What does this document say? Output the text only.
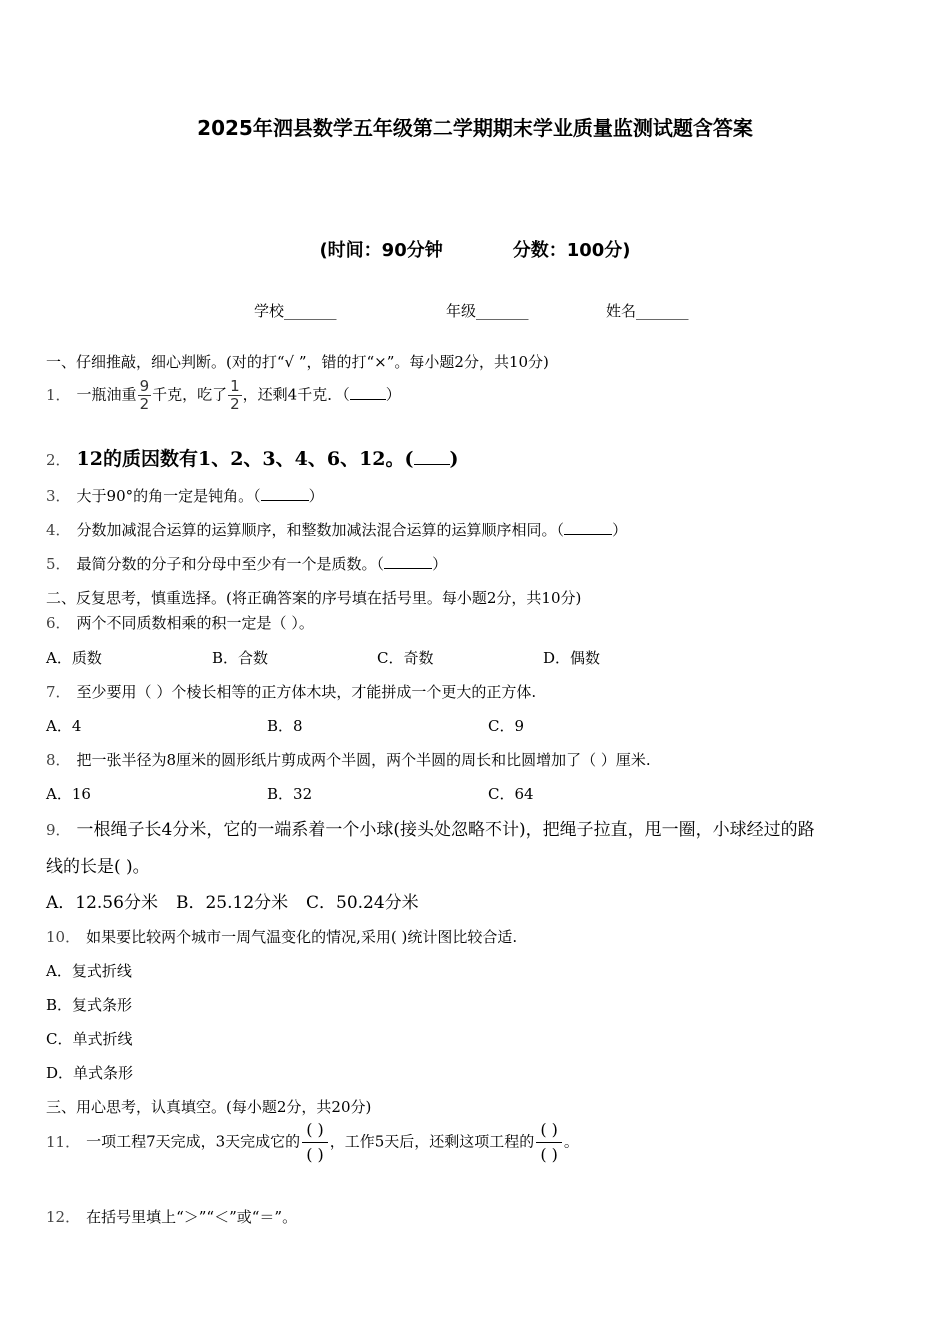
2025年泗县数学五年级第二学期期末学业质量监测试题含答案
(时间：90分钟	分数：100分)
学校_______	年级_______	姓名_______
一、仔细推敲，细心判断。(对的打“√ ”，错的打“×”。每小题2分，共10分)
1． 一瓶油重 $\frac{9}{2}$ 千克，吃了 $\frac{1}{2}$ ，还剩4千克．（ ）
2． 12的质因数有1、2、3、4、6、12。( )
3． 大于90°的角一定是钝角。（	）
4． 分数加减混合运算的运算顺序，和整数加减法混合运算的运算顺序相同。（	）
5． 最简分数的分子和分母中至少有一个是质数。（	）
二、反复思考，慎重选择。(将正确答案的序号填在括号里。每小题2分，共10分)
6． 两个不同质数相乘的积一定是（ ）。
A．质数	B．合数	C．奇数	D．偶数
7． 至少要用（ ）个棱长相等的正方体木块，才能拼成一个更大的正方体.
A．4	B．8	C．9
8． 把一张半径为8厘米的圆形纸片剪成两个半圆，两个半圆的周长和比圆增加了（ ）厘米.
A．16	B．32	C．64
9． 一根绳子长4分米，它的一端系着一个小球(接头处忽略不计)，把绳子拉直，甩一圈，小球经过的路
线的长是( )。
A．12.56分米 B．25.12分米 C．50.24分米
10． 如果要比较两个城市一周气温变化的情况,采用( )统计图比较合适.
A．复式折线
B．复式条形
C．单式折线
D．单式条形
三、用心思考，认真填空。(每小题2分，共20分)
11． 一项工程7天完成，3天完成它的
( )
( )
，工作5天后，还剩这项工程的
( )
( )
。
12． 在括号里填上“＞”“＜”或“＝”。
